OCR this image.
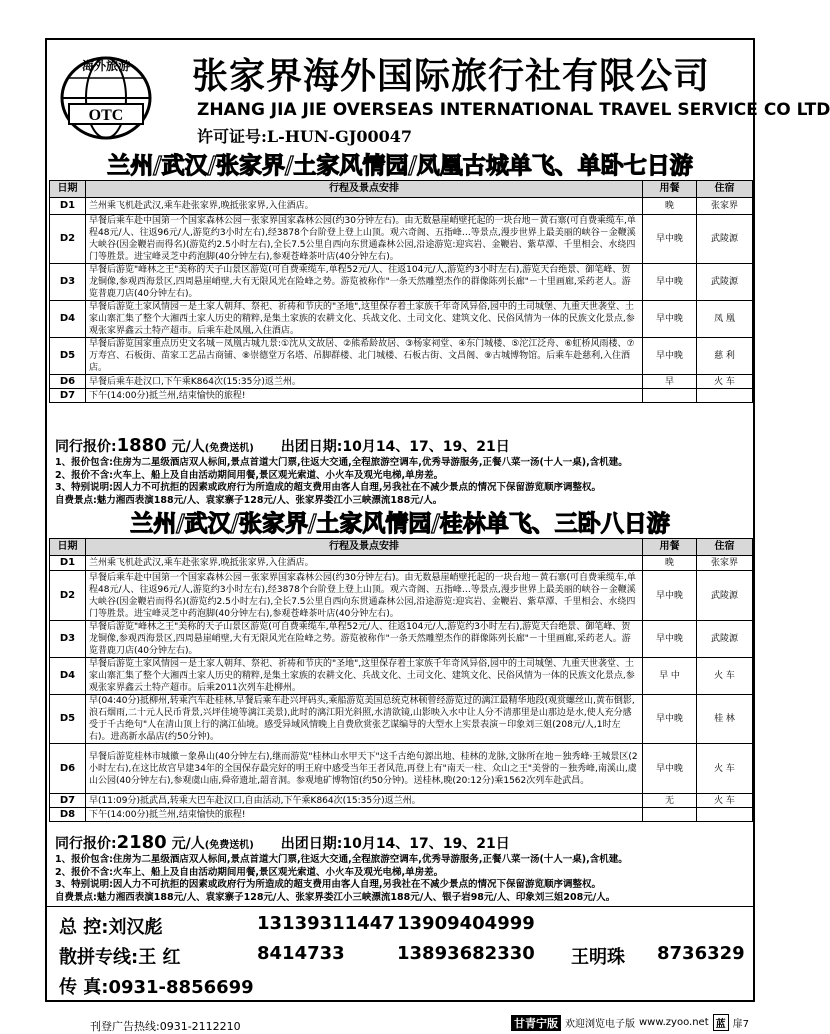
OTC
海外旅游 张家界海外国际旅行社有限公司
ZHANG JIA JIE OVERSEAS INTERNATIONAL TRAVEL SERVICE CO LTD
许可证号:L-HUN-GJ00047
兰州/武汉/张家界/土家风情园/凤凰古城单飞、单卧七日游
日期	行程及景点安排	用餐	住宿
D1	兰州乘飞机赴武汉,乘车赴张家界,晚抵张家界,入住酒店。	晚	张家界
D2	早餐后乘车赴中国第一个国家森林公园－张家界国家森林公园(约30分钟左右)。由无数悬崖峭壁托起的一块台地－黄石寨(可自费乘缆车,单程48元/人、往返96元/人,游览约3小时左右),经3878个台阶登上登上山顶。观六奇阁、五指峰…等景点,漫步世界上最美丽的峡谷－金鞭溪大峡谷(因金鞭岩而得名)(游览约2.5小时左右),全长7.5公里自西向东贯通森林公园,沿途游览:迎宾岩、金鞭岩、紫草潭、千里相会、水绕四门等胜景。进宝峰灵芝中药泡脚(40分钟左右),参观苍峰茶叶店(40分钟左右)。	早中晚	武陵源
D3	早餐后游览"峰林之王"美称的天子山景区游览(可自费乘缆车,单程52元/人、往返104元/人,游览约3小时左右),游览天台绝景、御笔峰、贺龙铜像,参观西海景区,四周悬崖峭壁,大有无限风光在险峰之势。游览被称作"一条天然雕塑杰作的群像陈列长廊"－十里画廊,采药老人。游览普鹿刀店(40分钟左右)。	早中晚	武陵源
D4	早餐后游览土家风情园－是土家人朝拜、祭祀、祈祷和节庆的"圣地",这里保存着土家族千年奇风异俗,园中的土司城堡、九重天世袭堂、土家山寨汇集了整个大湘西土家人历史的精粹,是集土家族的农耕文化、兵战文化、土司文化、建筑文化、民俗风情为一体的民族文化景点,参观张家界鑫云土特产超市。后乘车赴凤凰,入住酒店。	早中晚	凤 凰
D5	早餐后游览国家重点历史文名城－凤凰古城九景:①沈从文故居、②熊希龄故居、③杨家祠堂、④东门城楼、⑤沱江泛舟、⑥虹桥风雨楼、⑦万寿宫、石板街、苗家工艺品古商铺、⑧崇德堂万名塔、吊脚群楼、北门城楼、石板古街、文昌阁、⑨古城博物馆。后乘车赴慈利,入住酒店。	早中晚	慈 利
D6	早餐后乘车赴汉口,下午乘K864次(15:35分)返兰州。	早	火 车
D7	下午(14:00分)抵兰州,结束愉快的旅程!		
同行报价:1880 元/人(免费送机) 出团日期:10月14、17、19、21日
1、报价包含:住房为二星级酒店双人标间,景点首道大门票,往返大交通,全程旅游空调车,优秀导游服务,正餐八菜一汤(十人一桌),含机建。
2、报价不含:火车上、船上及自由活动期间用餐,景区观光索道、小火车及观光电梯,单房差。
3、特别说明:因人力不可抗拒的因素或政府行为所造成的超支费用由客人自理,另我社在不减少景点的情况下保留游览顺序调整权。
自费景点:魅力湘西表演188元/人、袁家寨子128元/人、张家界娄江小三峡漂流188元/人。
兰州/武汉/张家界/土家风情园/桂林单飞、三卧八日游
日期	行程及景点安排	用餐	住宿
D1	兰州乘飞机赴武汉,乘车赴张家界,晚抵张家界,入住酒店。	晚	张家界
D2	早餐后乘车赴中国第一个国家森林公园－张家界国家森林公园(约30分钟左右)。由无数悬崖峭壁托起的一块台地－黄石寨(可自费乘缆车,单程48元/人、往返96元/人,游览约3小时左右),经3878个台阶登上登上山顶。观六奇阁、五指峰…等景点,漫步世界上最美丽的峡谷－金鞭溪大峡谷(因金鞭岩而得名)(游览约2.5小时左右),全长7.5公里自西向东贯通森林公园,沿途游览:迎宾岩、金鞭岩、紫草潭、千里相会、水绕四门等胜景。进宝峰灵芝中药泡脚(40分钟左右),参观苍峰茶叶店(40分钟左右)。	早中晚	武陵源
D3	早餐后游览"峰林之王"美称的天子山景区游览(可自费乘缆车,单程52元/人、往返104元/人,游览约3小时左右),游览天台绝景、御笔峰、贺龙铜像,参观西海景区,四周悬崖峭壁,大有无限风光在险峰之势。游览被称作"一条天然雕塑杰作的群像陈列长廊"－十里画廊,采药老人。游览普鹿刀店(40分钟左右)。	早中晚	武陵源
D4	早餐后游览土家风情园－是土家人朝拜、祭祀、祈祷和节庆的"圣地",这里保存着土家族千年奇风异俗,园中的土司城堡、九重天世袭堂、土家山寨汇集了整个大湘西土家人历史的精粹,是集土家族的农耕文化、兵战文化、土司文化、建筑文化、民俗风情为一体的民族文化景点,参观张家界鑫云土特产超市。后乘2011次列车赴柳州。	早 中	火 车
D5	早(04:40分)抵柳州,转乘汽车赴桂林,早餐后乘车赴兴坪码头,乘船游览美国总统克林顿曾经游览过的漓江最精华地段(观赏螺丝山,黄布倒影,浪石烟雨,二十元人民币背景,兴坪佳境等漓江美景),此时的漓江阳光斜照,水清欲镜,山影映入水中让人分不清那里是山那边是水,使人充分感受于千古绝句"人在清山顶上行的漓江仙境。感受异域风情晚上自费欣赏张艺谋编导的大型水上实景表演－印象刘三姐(208元/人,1时左右)。进高新水晶店(约50分钟)。	早中晚	桂 林
D6	早餐后游览桂林市城徽－象鼻山(40分钟左右),继而游览"桂林山水甲天下"这千古绝句源出地、桂林的龙脉,文脉所在地－独秀峰·王城景区(2小时左右),在这比故宫早建34年的全国保存最完好的明王府中感受当年王者风范,再登上有"南天一柱、众山之王"美誉的－独秀峰,南溪山,虞山公园(40分钟左右),参观虞山庙,舜帝遗址,韶音洞。参观地矿博物馆(约50分钟)。送桂林,晚(20:12分)乘1562次列车赴武昌。	早中晚	火 车
D7	早(11:09分)抵武昌,转乘大巴车赴汉口,自由活动,下午乘K864次(15:35分)返兰州。	无	火 车
D8	下午(14:00分)抵兰州,结束愉快的旅程!		
同行报价:2180 元/人(免费送机) 出团日期:10月14、17、19、21日
1、报价包含:住房为二星级酒店双人标间,景点首道大门票,往返大交通,全程旅游空调车,优秀导游服务,正餐八菜一汤(十人一桌),含机建。
2、报价不含:火车上、船上及自由活动期间用餐,景区观光索道、小火车及观光电梯,单房差。
3、特别说明:因人力不可抗拒的因素或政府行为所造成的超支费用由客人自理,另我社在不减少景点的情况下保留游览顺序调整权。
自费景点:魅力湘西表演188元/人、袁家寨子128元/人、张家界娄江小三峡漂流188元/人、银子岩98元/人、印象刘三姐208元/人。
总 控:刘汉彪	13139311447 13909404999
散拼专线:王 红	8414733	13893682330 王明珠 8736329
传 真:0931-8856699
刊登广告热线:0931-2112210	甘青宁版 欢迎浏览电子版 www.zyoo.net 蓝 扉7
